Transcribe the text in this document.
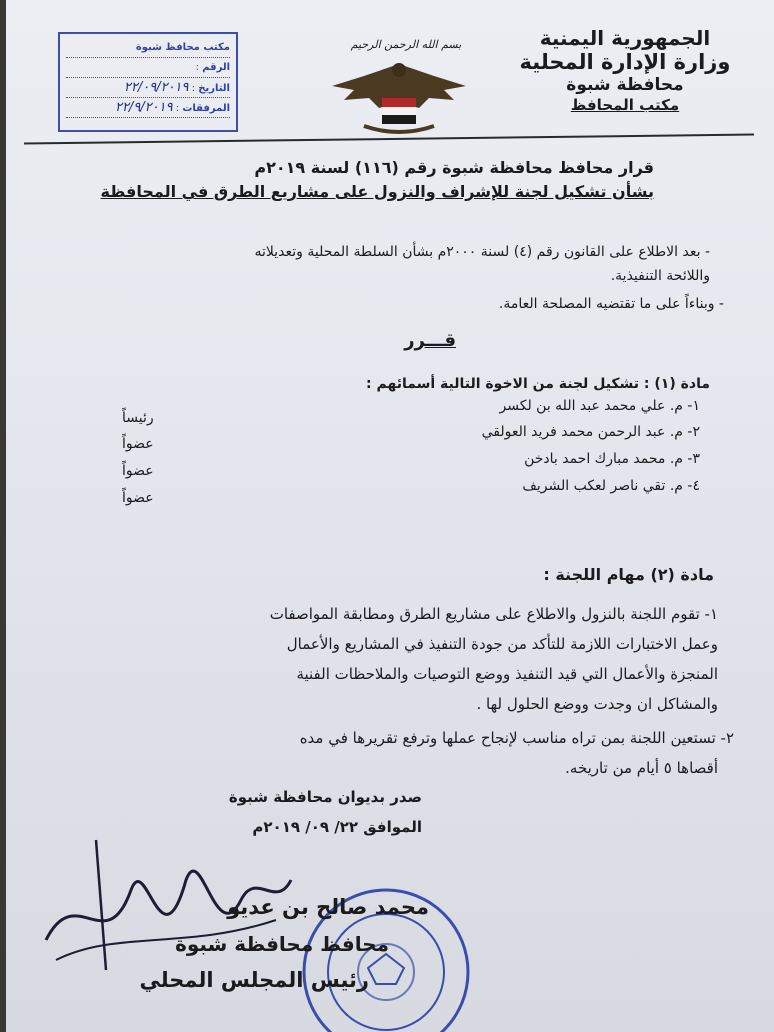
الجمهورية اليمنية
وزارة الإدارة المحلية
محافظة شبوة
مكتب المحافظ
بسم الله الرحمن الرحيم
مكتب محافظ شبوة
الرقم :
التاريخ : ٢٢/٠٩/٢٠١٩
المرفقات : ٢٢/٩/٢٠١٩
قرار محافظ محافظة شبوة رقم (١١٦) لسنة ٢٠١٩م
بشأن تشكيل لجنة للإشراف والنزول على مشاريع الطرق في المحافظة
- بعد الاطلاع على القانون رقم (٤) لسنة ٢٠٠٠م بشأن السلطة المحلية وتعديلاته
واللائحة التنفيذية.
- وبناءاً على ما تقتضيه المصلحة العامة.
قـــرر
مادة (١) : تشكيل لجنة من الاخوة التالية أسمائهم :
١- م. علي محمد عبد الله بن لكسر
٢- م. عبد الرحمن محمد فريد العولقي
٣- م. محمد مبارك احمد بادخن
٤- م. تقي ناصر لعكب الشريف
رئيساً
عضواً
عضواً
عضواً
مادة (٢) مهام اللجنة :
١- تقوم اللجنة بالنزول والاطلاع على مشاريع الطرق ومطابقة المواصفات
وعمل الاختبارات اللازمة للتأكد من جودة التنفيذ في المشاريع والأعمال
المنجزة والأعمال التي قيد التنفيذ ووضع التوصيات والملاحظات الفنية
والمشاكل ان وجدت ووضع الحلول لها .
٢- تستعين اللجنة بمن تراه مناسب لإنجاح عملها وترفع تقريرها في مده
أقصاها ٥ أيام من تاريخه.
صدر بديوان محافظة شبوة
الموافق ٢٢/ ٠٩/ ٢٠١٩م
محمد صالح بن عديو
محافظ محافظة شبوة
رئيس المجلس المحلي
